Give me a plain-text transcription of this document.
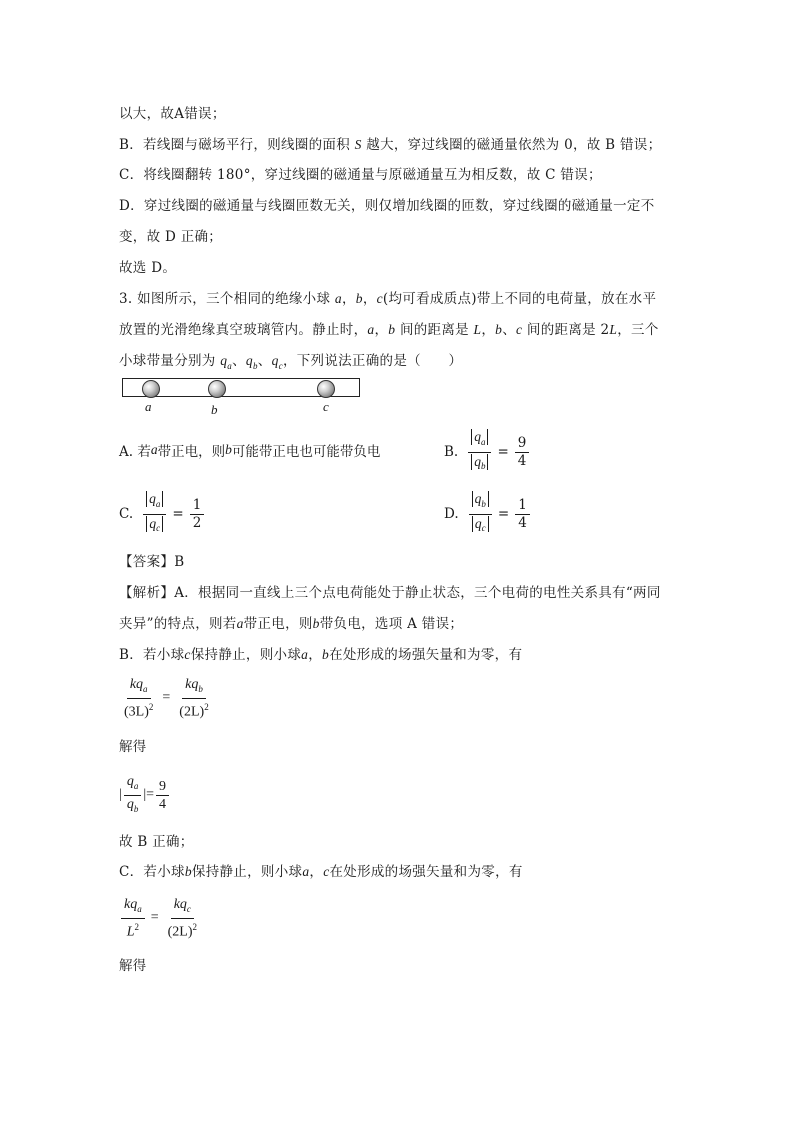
以大，故A错误；
B．若线圈与磁场平行，则线圈的面积 S 越大，穿过线圈的磁通量依然为 0，故 B 错误；
C．将线圈翻转 180°，穿过线圈的磁通量与原磁通量互为相反数，故 C 错误；
D．穿过线圈的磁通量与线圈匝数无关，则仅增加线圈的匝数，穿过线圈的磁通量一定不
变，故 D 正确；
故选 D。
3. 如图所示，三个相同的绝缘小球 a，b，c(均可看成质点)带上不同的电荷量，放在水平
放置的光滑绝缘真空玻璃管内。静止时，a，b 间的距离是 L，b、c 间的距离是 2L，三个
小球带量分别为 $q_a$、$q_b$、$q_c$，下列说法正确的是（　　）
a	b	c
A. 若 a 带正电，则 b 可能带正电也可能带负电	B. $\frac{q_a}{q_b} = \frac{9}{4}$
C. $\frac{q_a}{q_c} = \frac{1}{2}$	D. $\frac{q_b}{q_c} = \frac{1}{4}$
【答案】B
【解析】A．根据同一直线上三个点电荷能处于静止状态，三个电荷的电性关系具有“两同
夹异”的特点，则若a带正电，则b带负电，选项 A 错误；
B．若小球c保持静止，则小球a，b在处形成的场强矢量和为零，有
$\frac{kq_a}{(3L)^2} = \frac{kq_b}{(2L)^2}$
解得
| $\frac{q_a}{q_b}$ |= $\frac{9}{4}$
故 B 正确；
C．若小球b保持静止，则小球a，c在处形成的场强矢量和为零，有
$\frac{kq_a}{L^2} = \frac{kq_c}{(2L)^2}$
解得
